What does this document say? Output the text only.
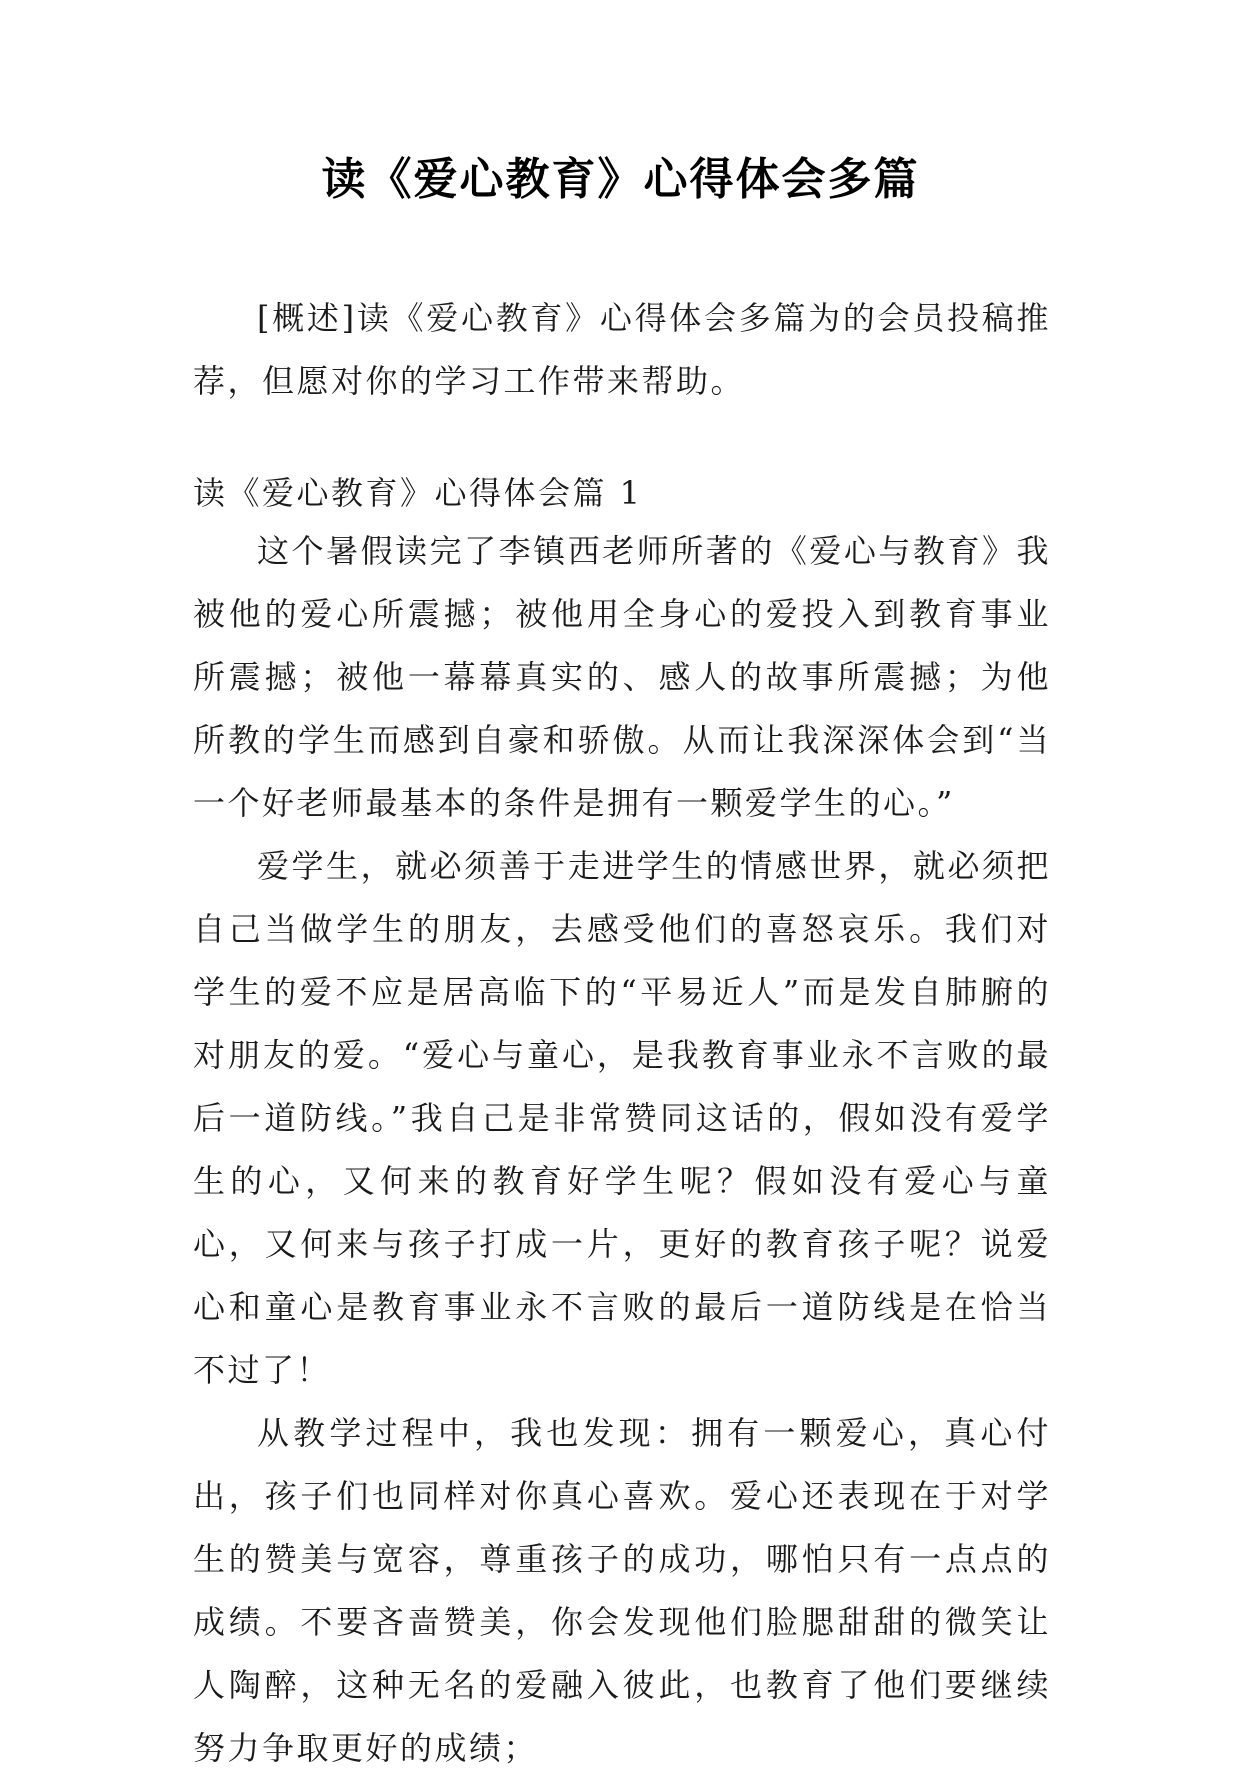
读《爱心教育》心得体会多篇

[概述]读《爱心教育》心得体会多篇为的会员投稿推荐，但愿对你的学习工作带来帮助。

读《爱心教育》心得体会篇 1

这个暑假读完了李镇西老师所著的《爱心与教育》我被他的爱心所震撼；被他用全身心的爱投入到教育事业所震撼；被他一幕幕真实的、感人的故事所震撼；为他所教的学生而感到自豪和骄傲。从而让我深深体会到“当一个好老师最基本的条件是拥有一颗爱学生的心。”

爱学生，就必须善于走进学生的情感世界，就必须把自己当做学生的朋友，去感受他们的喜怒哀乐。我们对学生的爱不应是居高临下的“平易近人”而是发自肺腑的对朋友的爱。“爱心与童心，是我教育事业永不言败的最后一道防线。”我自己是非常赞同这话的，假如没有爱学生的心，又何来的教育好学生呢？假如没有爱心与童心，又何来与孩子打成一片，更好的教育孩子呢？说爱心和童心是教育事业永不言败的最后一道防线是在恰当不过了！

从教学过程中，我也发现：拥有一颗爱心，真心付出，孩子们也同样对你真心喜欢。爱心还表现在于对学生的赞美与宽容，尊重孩子的成功，哪怕只有一点点的成绩。不要吝啬赞美，你会发现他们脸腮甜甜的微笑让人陶醉，这种无名的爱融入彼此，也教育了他们要继续努力争取更好的成绩；
